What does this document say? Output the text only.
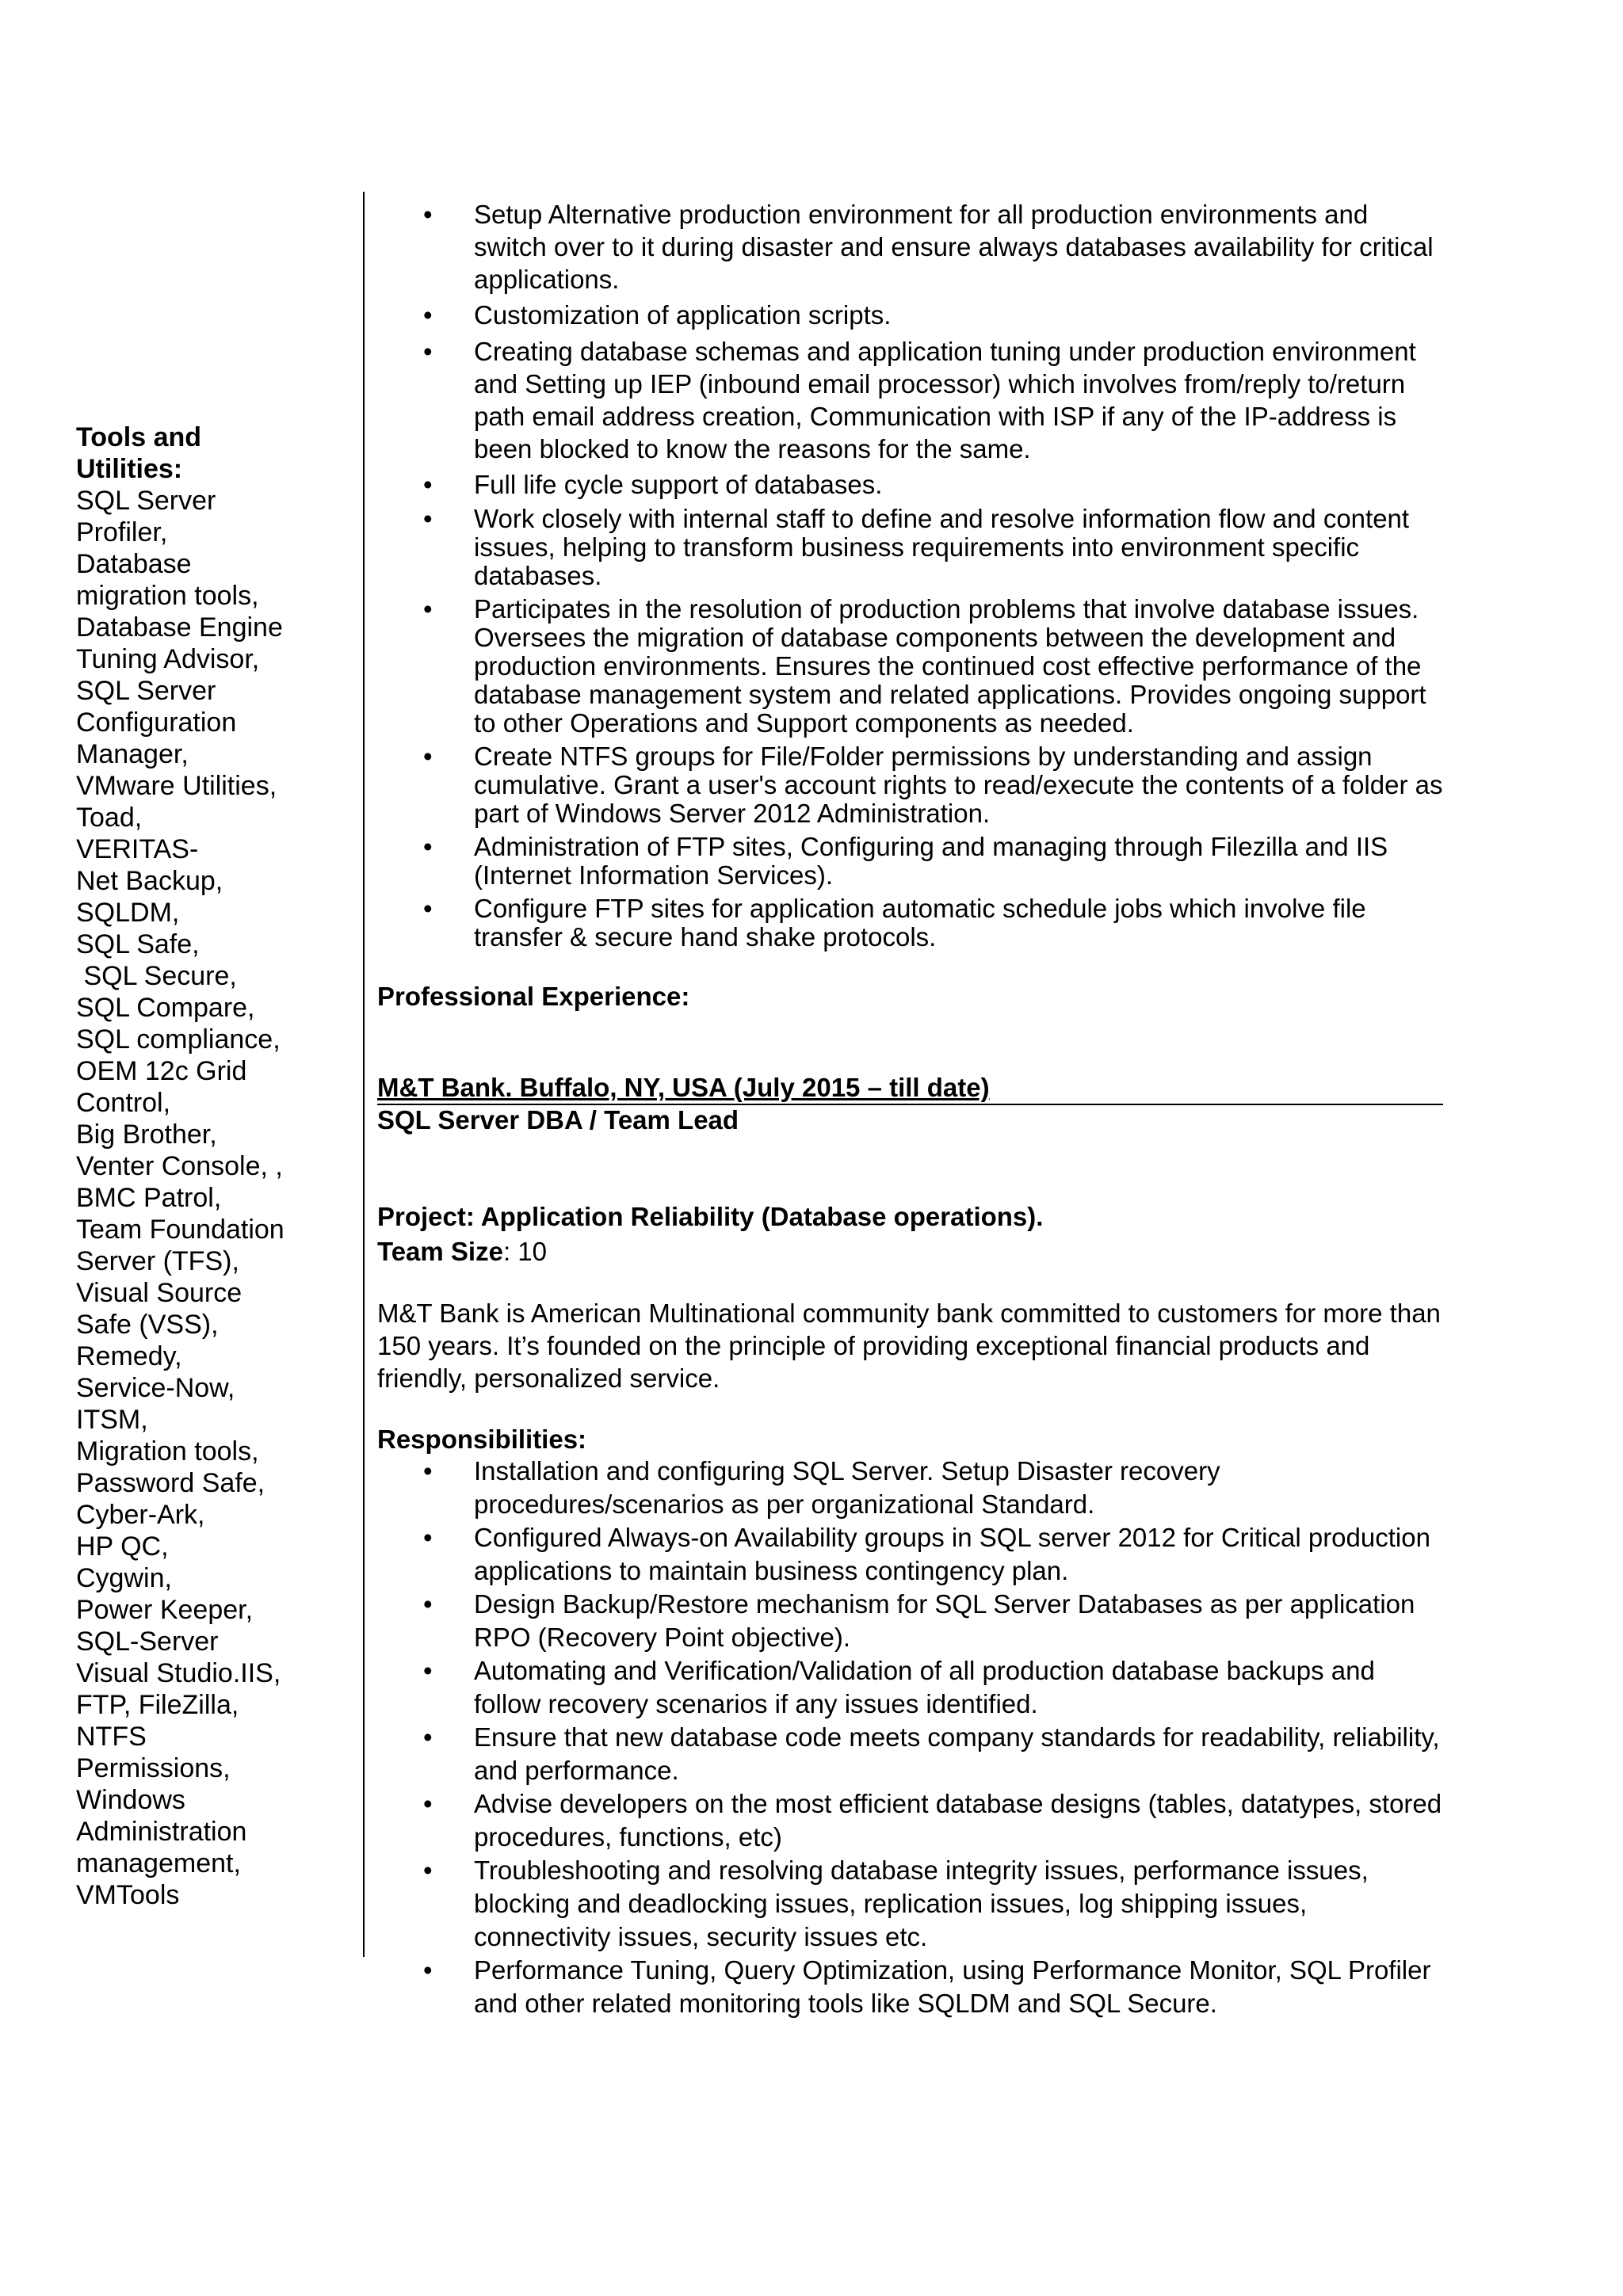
Tools and
Utilities:
SQL Server
Profiler,
Database
migration tools,
Database Engine
Tuning Advisor,
SQL Server
Configuration
Manager,
VMware Utilities,
Toad,
VERITAS-
Net Backup,
SQLDM,
SQL Safe,
SQL Secure,
SQL Compare,
SQL compliance,
OEM 12c Grid
Control,
Big Brother,
Venter Console, ,
BMC Patrol,
Team Foundation
Server (TFS),
Visual Source
Safe (VSS),
Remedy,
Service-Now,
ITSM,
Migration tools,
Password Safe,
Cyber-Ark,
HP QC,
Cygwin,
Power Keeper,
SQL-Server
Visual Studio.IIS,
FTP, FileZilla,
NTFS
Permissions,
Windows
Administration
management,
VMTools
• Setup Alternative production environment for all production environments and switch over to it during disaster and ensure always databases availability for critical applications.
• Customization of application scripts.
• Creating database schemas and application tuning under production environment and Setting up IEP (inbound email processor) which involves from/reply to/return path email address creation, Communication with ISP if any of the IP-address is been blocked to know the reasons for the same.
• Full life cycle support of databases.
• Work closely with internal staff to define and resolve information flow and content issues, helping to transform business requirements into environment specific databases.
• Participates in the resolution of production problems that involve database issues. Oversees the migration of database components between the development and production environments. Ensures the continued cost effective performance of the database management system and related applications. Provides ongoing support to other Operations and Support components as needed.
• Create NTFS groups for File/Folder permissions by understanding and assign cumulative. Grant a user's account rights to read/execute the contents of a folder as part of Windows Server 2012 Administration.
• Administration of FTP sites, Configuring and managing through Filezilla and IIS (Internet Information Services).
• Configure FTP sites for application automatic schedule jobs which involve file transfer & secure hand shake protocols.
Professional Experience:
M&T Bank. Buffalo, NY, USA (July 2015 – till date)
SQL Server DBA / Team Lead
Project: Application Reliability (Database operations).
Team Size: 10
M&T Bank is American Multinational community bank committed to customers for more than 150 years. It’s founded on the principle of providing exceptional financial products and friendly, personalized service.
Responsibilities:
• Installation and configuring SQL Server. Setup Disaster recovery procedures/scenarios as per organizational Standard.
• Configured Always-on Availability groups in SQL server 2012 for Critical production applications to maintain business contingency plan.
• Design Backup/Restore mechanism for SQL Server Databases as per application RPO (Recovery Point objective).
• Automating and Verification/Validation of all production database backups and follow recovery scenarios if any issues identified.
• Ensure that new database code meets company standards for readability, reliability, and performance.
• Advise developers on the most efficient database designs (tables, datatypes, stored procedures, functions, etc)
• Troubleshooting and resolving database integrity issues, performance issues, blocking and deadlocking issues, replication issues, log shipping issues, connectivity issues, security issues etc.
• Performance Tuning, Query Optimization, using Performance Monitor, SQL Profiler and other related monitoring tools like SQLDM and SQL Secure.
